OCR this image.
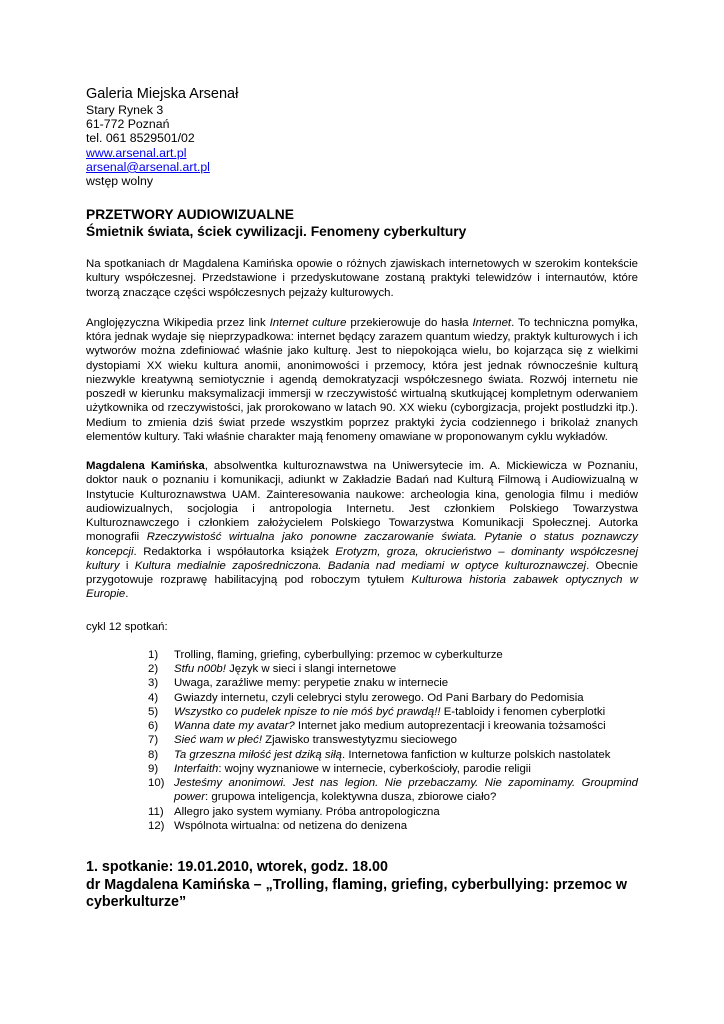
Galeria Miejska Arsenał

Stary Rynek 3

61-772 Poznań

tel. 061 8529501/02

www.arsenal.art.pl

arsenal@arsenal.art.pl

wstęp wolny

PRZETWORY AUDIOWIZUALNE

Śmietnik świata, ściek cywilizacji. Fenomeny cyberkultury

Na spotkaniach dr Magdalena Kamińska opowie o różnych zjawiskach internetowych w szerokim kontekście kultury współczesnej. Przedstawione i przedyskutowane zostaną praktyki telewidzów i internautów, które tworzą znaczące części współczesnych pejzaży kulturowych.

Anglojęzyczna Wikipedia przez link Internet culture przekierowuje do hasła Internet. To techniczna pomyłka, która jednak wydaje się nieprzypadkowa: internet będący zarazem quantum wiedzy, praktyk kulturowych i ich wytworów można zdefiniować właśnie jako kulturę. Jest to niepokojąca wielu, bo kojarząca się z wielkimi dystopiami XX wieku kultura anomii, anonimowości i przemocy, która jest jednak równocześnie kulturą niezwykle kreatywną semiotycznie i agendą demokratyzacji współczesnego świata. Rozwój internetu nie poszedł w kierunku maksymalizacji immersji w rzeczywistość wirtualną skutkującej kompletnym oderwaniem użytkownika od rzeczywistości, jak prorokowano w latach 90. XX wieku (cyborgizacja, projekt postludzki itp.). Medium to zmienia dziś świat przede wszystkim poprzez praktyki życia codziennego i brikolaż znanych elementów kultury. Taki właśnie charakter mają fenomeny omawiane w proponowanym cyklu wykładów.

Magdalena Kamińska, absolwentka kulturoznawstwa na Uniwersytecie im. A. Mickiewicza w Poznaniu, doktor nauk o poznaniu i komunikacji, adiunkt w Zakładzie Badań nad Kulturą Filmową i Audiowizualną w Instytucie Kulturoznawstwa UAM. Zainteresowania naukowe: archeologia kina, genologia filmu i mediów audiowizualnych, socjologia i antropologia Internetu. Jest członkiem Polskiego Towarzystwa Kulturoznawczego i członkiem założycielem Polskiego Towarzystwa Komunikacji Społecznej. Autorka monografii Rzeczywistość wirtualna jako ponowne zaczarowanie świata. Pytanie o status poznawczy koncepcji. Redaktorka i współautorka książek Erotyzm, groza, okrucieństwo – dominanty współczesnej kultury i Kultura medialnie zapośredniczona. Badania nad mediami w optyce kulturoznawczej. Obecnie przygotowuje rozprawę habilitacyjną pod roboczym tytułem Kulturowa historia zabawek optycznych w Europie.

cykl 12 spotkań:

1)	Trolling, flaming, griefing, cyberbullying: przemoc w cyberkulturze
2)	Stfu n00b! Język w sieci i slangi internetowe
3)	Uwaga, zaraźliwe memy: perypetie znaku w internecie
4)	Gwiazdy internetu, czyli celebryci stylu zerowego. Od Pani Barbary do Pedomisia
5)	Wszystko co pudelek npisze to nie móś być prawdą!! E-tabloidy i fenomen cyberplotki
6)	Wanna date my avatar? Internet jako medium autoprezentacji i kreowania tożsamości
7)	Sieć wam w płeć! Zjawisko transwestytyzmu sieciowego
8)	Ta grzeszna miłość jest dziką siłą. Internetowa fanfiction w kulturze polskich nastolatek
9)	Interfaith: wojny wyznaniowe w internecie, cyberkościoły, parodie religii
10) Jesteśmy anonimowi. Jest nas legion. Nie przebaczamy. Nie zapominamy. Groupmind power: grupowa inteligencja, kolektywna dusza, zbiorowe ciało?
11) Allegro jako system wymiany. Próba antropologiczna
12) Wspólnota wirtualna: od netizena do denizena

1. spotkanie: 19.01.2010, wtorek, godz. 18.00

dr Magdalena Kamińska – „Trolling, flaming, griefing, cyberbullying: przemoc w cyberkulturze”
